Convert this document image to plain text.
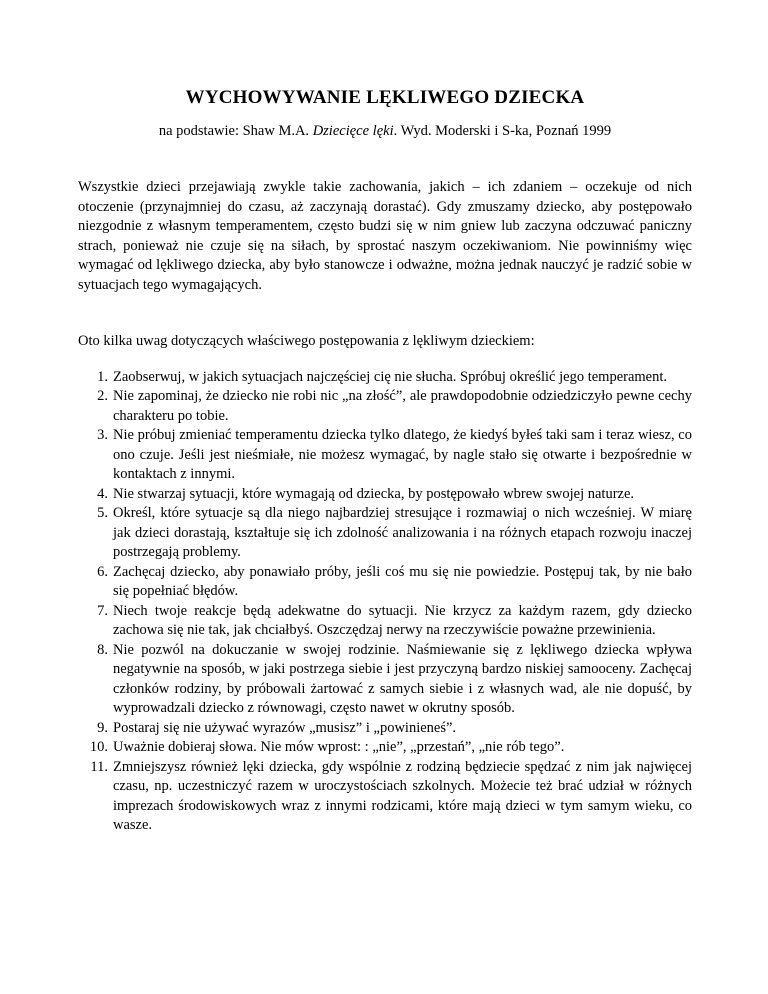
WYCHOWYWANIE LĘKLIWEGO DZIECKA

na podstawie: Shaw M.A. Dziecięce lęki. Wyd. Moderski i S-ka, Poznań 1999

Wszystkie dzieci przejawiają zwykle takie zachowania, jakich – ich zdaniem – oczekuje od nich otoczenie (przynajmniej do czasu, aż zaczynają dorastać). Gdy zmuszamy dziecko, aby postępowało niezgodnie z własnym temperamentem, często budzi się w nim gniew lub zaczyna odczuwać paniczny strach, ponieważ nie czuje się na siłach, by sprostać naszym oczekiwaniom. Nie powinniśmy więc wymagać od lękliwego dziecka, aby było stanowcze i odważne, można jednak nauczyć je radzić sobie w sytuacjach tego wymagających.

Oto kilka uwag dotyczących właściwego postępowania z lękliwym dzieckiem:

1. Zaobserwuj, w jakich sytuacjach najczęściej cię nie słucha. Spróbuj określić jego temperament.
2. Nie zapominaj, że dziecko nie robi nic „na złość”, ale prawdopodobnie odziedziczyło pewne cechy charakteru po tobie.
3. Nie próbuj zmieniać temperamentu dziecka tylko dlatego, że kiedyś byłeś taki sam i teraz wiesz, co ono czuje. Jeśli jest nieśmiałe, nie możesz wymagać, by nagle stało się otwarte i bezpośrednie w kontaktach z innymi.
4. Nie stwarzaj sytuacji, które wymagają od dziecka, by postępowało wbrew swojej naturze.
5. Określ, które sytuacje są dla niego najbardziej stresujące i rozmawiaj o nich wcześniej. W miarę jak dzieci dorastają, kształtuje się ich zdolność analizowania i na różnych etapach rozwoju inaczej postrzegają problemy.
6. Zachęcaj dziecko, aby ponawiało próby, jeśli coś mu się nie powiedzie. Postępuj tak, by nie bało się popełniać błędów.
7. Niech twoje reakcje będą adekwatne do sytuacji. Nie krzycz za każdym razem, gdy dziecko zachowa się nie tak, jak chciałbyś. Oszczędzaj nerwy na rzeczywiście poważne przewinienia.
8. Nie pozwól na dokuczanie w swojej rodzinie. Naśmiewanie się z lękliwego dziecka wpływa negatywnie na sposób, w jaki postrzega siebie i jest przyczyną bardzo niskiej samooceny. Zachęcaj członków rodziny, by próbowali żartować z samych siebie i z własnych wad, ale nie dopuść, by wyprowadzali dziecko z równowagi, często nawet w okrutny sposób.
9. Postaraj się nie używać wyrazów „musisz” i „powinieneś”.
10. Uważnie dobieraj słowa. Nie mów wprost: : „nie”, „przestań”, „nie rób tego”.
11. Zmniejszysz również lęki dziecka, gdy wspólnie z rodziną będziecie spędzać z nim jak najwięcej czasu, np. uczestniczyć razem w uroczystościach szkolnych. Możecie też brać udział w różnych imprezach środowiskowych wraz z innymi rodzicami, które mają dzieci w tym samym wieku, co wasze.
